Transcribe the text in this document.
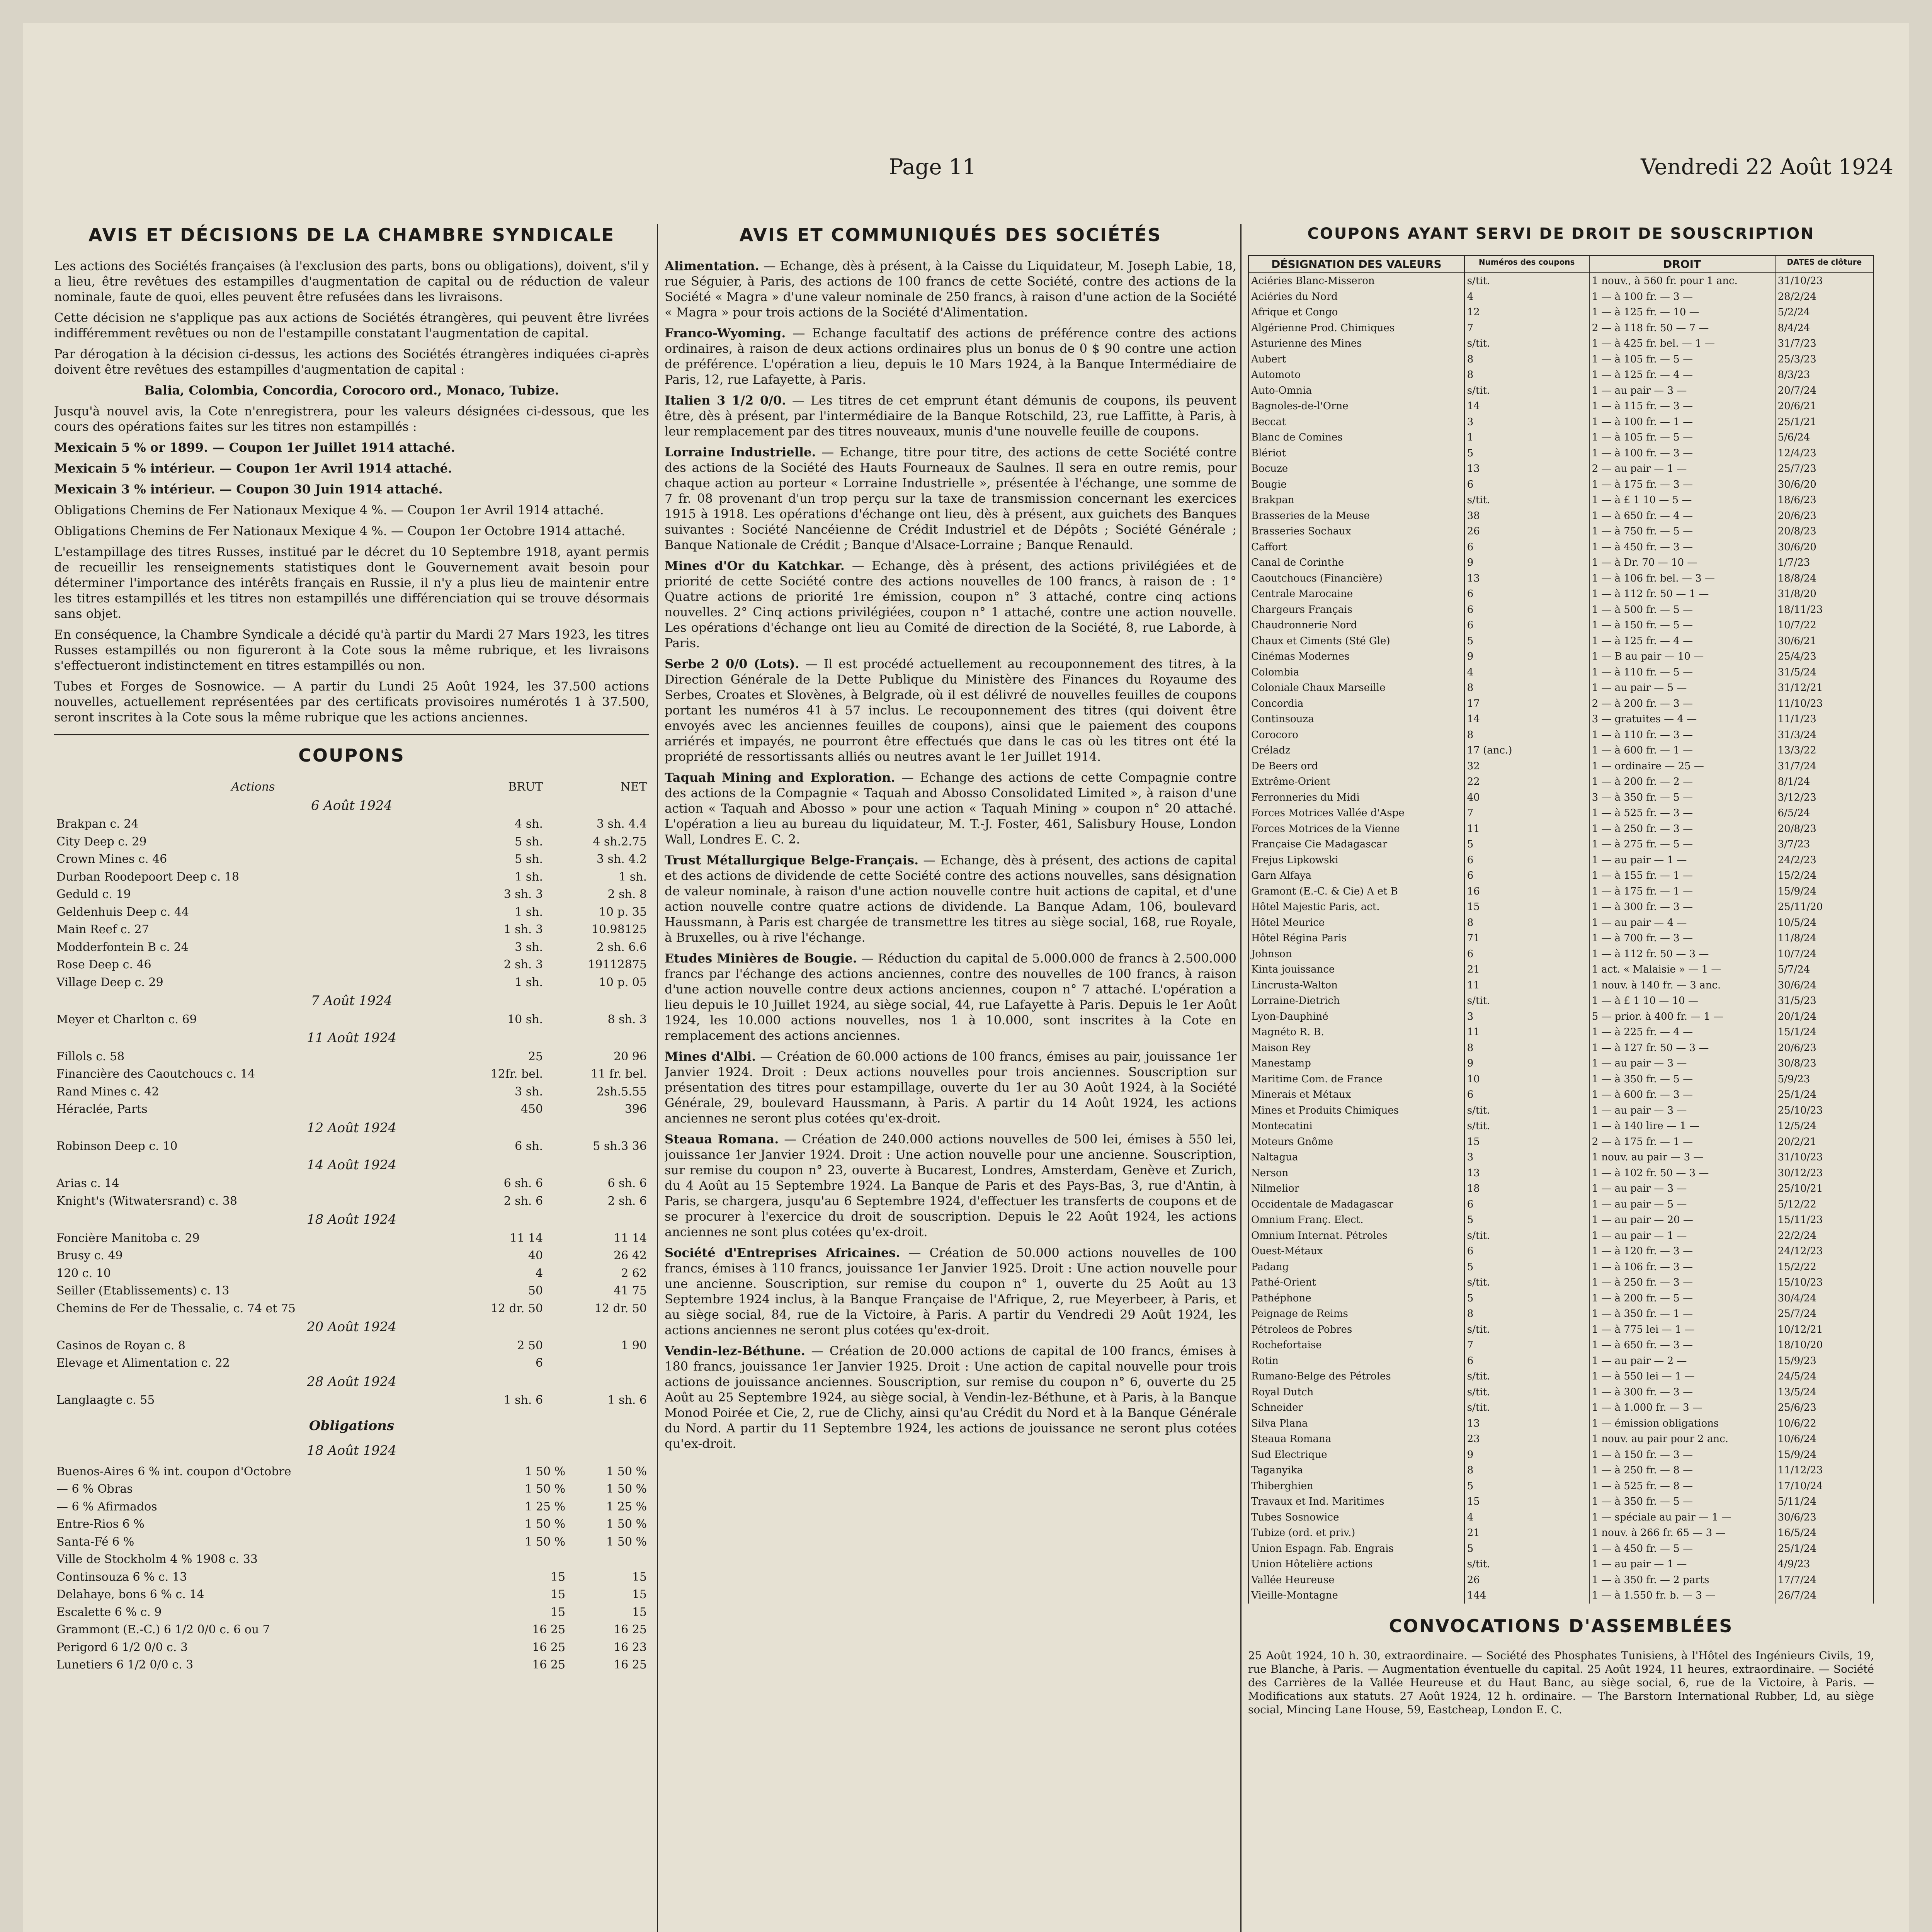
Page 11	Vendredi 22 Août 1924
AVIS ET DÉCISIONS DE LA CHAMBRE SYNDICALE

Les actions des Sociétés françaises (à l'exclusion des parts, bons ou obligations), doivent, s'il y a lieu, être revêtues des estampilles d'augmentation de capital ou de réduction de valeur nominale, faute de quoi, elles peuvent être refusées dans les livraisons.

Cette décision ne s'applique pas aux actions de Sociétés étrangères, qui peuvent être livrées indifféremment revêtues ou non de l'estampille constatant l'augmentation de capital.

Par dérogation à la décision ci-dessus, les actions des Sociétés étrangères indiquées ci-après doivent être revêtues des estampilles d'augmentation de capital :

Balia, Colombia, Concordia, Corocoro ord., Monaco, Tubize.

Jusqu'à nouvel avis, la Cote n'enregistrera, pour les valeurs désignées ci-dessous, que les cours des opérations faites sur les titres non estampillés :

Mexicain 5 % or 1899. — Coupon 1er Juillet 1914 attaché.

Mexicain 5 % intérieur. — Coupon 1er Avril 1914 attaché.

Mexicain 3 % intérieur. — Coupon 30 Juin 1914 attaché.

Obligations Chemins de Fer Nationaux Mexique 4 %. — Coupon 1er Avril 1914 attaché.

Obligations Chemins de Fer Nationaux Mexique 4 %. — Coupon 1er Octobre 1914 attaché.

L'estampillage des titres Russes, institué par le décret du 10 Septembre 1918, ayant permis de recueillir les renseignements statistiques dont le Gouvernement avait besoin pour déterminer l'importance des intérêts français en Russie, il n'y a plus lieu de maintenir entre les titres estampillés et les titres non estampillés une différenciation qui se trouve désormais sans objet.

En conséquence, la Chambre Syndicale a décidé qu'à partir du Mardi 27 Mars 1923, les titres Russes estampillés ou non figureront à la Cote sous la même rubrique, et les livraisons s'effectueront indistinctement en titres estampillés ou non.

Tubes et Forges de Sosnowice. — A partir du Lundi 25 Août 1924, les 37.500 actions nouvelles, actuellement représentées par des certificats provisoires numérotés 1 à 37.500, seront inscrites à la Cote sous la même rubrique que les actions anciennes.

COUPONS
Actions	BRUT	NET
6 Août 1924		
Brakpan c. 24	4 sh.	3 sh. 4.4
City Deep c. 29	5 sh.	4 sh.2.75
Crown Mines c. 46	5 sh.	3 sh. 4.2
Durban Roodepoort Deep c. 18	1 sh.	1 sh.
Geduld c. 19	3 sh. 3	2 sh. 8
Geldenhuis Deep c. 44	1 sh.	10 p. 35
Main Reef c. 27	1 sh. 3	10.98125
Modderfontein B c. 24	3 sh.	2 sh. 6.6
Rose Deep c. 46	2 sh. 3	19112875
Village Deep c. 29	1 sh.	10 p. 05
7 Août 1924		
Meyer et Charlton c. 69	10 sh.	8 sh. 3
11 Août 1924		
Fillols c. 58	25	20 96
Financière des Caoutchoucs c. 14	12fr. bel.	11 fr. bel.
Rand Mines c. 42	3 sh.	2sh.5.55
Héraclée, Parts	450	396
12 Août 1924		
Robinson Deep c. 10	6 sh.	5 sh.3 36
14 Août 1924		
Arias c. 14	6 sh. 6	6 sh. 6
Knight's (Witwatersrand) c. 38	2 sh. 6	2 sh. 6
18 Août 1924		
Foncière Manitoba c. 29	11 14	11 14
Brusy c. 49	40	26 42
120 c. 10	4	2 62
Seiller (Etablissements) c. 13	50	41 75
Chemins de Fer de Thessalie, c. 74 et 75	12 dr. 50	12 dr. 50
20 Août 1924		
Casinos de Royan c. 8	2 50	1 90
Elevage et Alimentation c. 22	6	
28 Août 1924		
Langlaagte c. 55	1 sh. 6	1 sh. 6
Obligations
18 Août 1924
Buenos-Aires 6 % int. coupon d'Octobre	1 50 %	1 50 %
— 6 % Obras	1 50 %	1 50 %
— 6 % Afirmados	1 25 %	1 25 %
Entre-Rios 6 %	1 50 %	1 50 %
Santa-Fé 6 %	1 50 %	1 50 %
Ville de Stockholm 4 % 1908 c. 33		
Continsouza 6 % c. 13	15	15
Delahaye, bons 6 % c. 14	15	15
Escalette 6 % c. 9	15	15
Grammont (E.-C.) 6 1/2 0/0 c. 6 ou 7	16 25	16 25
Perigord 6 1/2 0/0 c. 3	16 25	16 23
Lunetiers 6 1/2 0/0 c. 3	16 25	16 25
AVIS ET COMMUNIQUÉS DES SOCIÉTÉS

Alimentation. — Echange, dès à présent, à la Caisse du Liquidateur, M. Joseph Labie, 18, rue Séguier, à Paris, des actions de 100 francs de cette Société, contre des actions de la Société « Magra » d'une valeur nominale de 250 francs, à raison d'une action de la Société « Magra » pour trois actions de la Société d'Alimentation.

Franco-Wyoming. — Echange facultatif des actions de préférence contre des actions ordinaires, à raison de deux actions ordinaires plus un bonus de 0 $ 90 contre une action de préférence. L'opération a lieu, depuis le 10 Mars 1924, à la Banque Intermédiaire de Paris, 12, rue Lafayette, à Paris.

Italien 3 1/2 0/0. — Les titres de cet emprunt étant démunis de coupons, ils peuvent être, dès à présent, par l'intermédiaire de la Banque Rotschild, 23, rue Laffitte, à Paris, à leur remplacement par des titres nouveaux, munis d'une nouvelle feuille de coupons.

Lorraine Industrielle. — Echange, titre pour titre, des actions de cette Société contre des actions de la Société des Hauts Fourneaux de Saulnes. Il sera en outre remis, pour chaque action au porteur « Lorraine Industrielle », présentée à l'échange, une somme de 7 fr. 08 provenant d'un trop perçu sur la taxe de transmission concernant les exercices 1915 à 1918. Les opérations d'échange ont lieu, dès à présent, aux guichets des Banques suivantes : Société Nancéienne de Crédit Industriel et de Dépôts ; Société Générale ; Banque Nationale de Crédit ; Banque d'Alsace-Lorraine ; Banque Renauld.

Mines d'Or du Katchkar. — Echange, dès à présent, des actions privilégiées et de priorité de cette Société contre des actions nouvelles de 100 francs, à raison de : 1° Quatre actions de priorité 1re émission, coupon n° 3 attaché, contre cinq actions nouvelles. 2° Cinq actions privilégiées, coupon n° 1 attaché, contre une action nouvelle. Les opérations d'échange ont lieu au Comité de direction de la Société, 8, rue Laborde, à Paris.

Serbe 2 0/0 (Lots). — Il est procédé actuellement au recouponnement des titres, à la Direction Générale de la Dette Publique du Ministère des Finances du Royaume des Serbes, Croates et Slovènes, à Belgrade, où il est délivré de nouvelles feuilles de coupons portant les numéros 41 à 57 inclus. Le recouponnement des titres (qui doivent être envoyés avec les anciennes feuilles de coupons), ainsi que le paiement des coupons arriérés et impayés, ne pourront être effectués que dans le cas où les titres ont été la propriété de ressortissants alliés ou neutres avant le 1er Juillet 1914.

Taquah Mining and Exploration. — Echange des actions de cette Compagnie contre des actions de la Compagnie « Taquah and Abosso Consolidated Limited », à raison d'une action « Taquah and Abosso » pour une action « Taquah Mining » coupon n° 20 attaché. L'opération a lieu au bureau du liquidateur, M. T.-J. Foster, 461, Salisbury House, London Wall, Londres E. C. 2.

Trust Métallurgique Belge-Français. — Echange, dès à présent, des actions de capital et des actions de dividende de cette Société contre des actions nouvelles, sans désignation de valeur nominale, à raison d'une action nouvelle contre huit actions de capital, et d'une action nouvelle contre quatre actions de dividende. La Banque Adam, 106, boulevard Haussmann, à Paris est chargée de transmettre les titres au siège social, 168, rue Royale, à Bruxelles, ou à rive l'échange.

Etudes Minières de Bougie. — Réduction du capital de 5.000.000 de francs à 2.500.000 francs par l'échange des actions anciennes, contre des nouvelles de 100 francs, à raison d'une action nouvelle contre deux actions anciennes, coupon n° 7 attaché. L'opération a lieu depuis le 10 Juillet 1924, au siège social, 44, rue Lafayette à Paris. Depuis le 1er Août 1924, les 10.000 actions nouvelles, nos 1 à 10.000, sont inscrites à la Cote en remplacement des actions anciennes.

Mines d'Albi. — Création de 60.000 actions de 100 francs, émises au pair, jouissance 1er Janvier 1924. Droit : Deux actions nouvelles pour trois anciennes. Souscription sur présentation des titres pour estampillage, ouverte du 1er au 30 Août 1924, à la Société Générale, 29, boulevard Haussmann, à Paris. A partir du 14 Août 1924, les actions anciennes ne seront plus cotées qu'ex-droit.

Steaua Romana. — Création de 240.000 actions nouvelles de 500 lei, émises à 550 lei, jouissance 1er Janvier 1924. Droit : Une action nouvelle pour une ancienne. Souscription, sur remise du coupon n° 23, ouverte à Bucarest, Londres, Amsterdam, Genève et Zurich, du 4 Août au 15 Septembre 1924. La Banque de Paris et des Pays-Bas, 3, rue d'Antin, à Paris, se chargera, jusqu'au 6 Septembre 1924, d'effectuer les transferts de coupons et de se procurer à l'exercice du droit de souscription. Depuis le 22 Août 1924, les actions anciennes ne sont plus cotées qu'ex-droit.

Société d'Entreprises Africaines. — Création de 50.000 actions nouvelles de 100 francs, émises à 110 francs, jouissance 1er Janvier 1925. Droit : Une action nouvelle pour une ancienne. Souscription, sur remise du coupon n° 1, ouverte du 25 Août au 13 Septembre 1924 inclus, à la Banque Française de l'Afrique, 2, rue Meyerbeer, à Paris, et au siège social, 84, rue de la Victoire, à Paris. A partir du Vendredi 29 Août 1924, les actions anciennes ne seront plus cotées qu'ex-droit.

Vendin-lez-Béthune. — Création de 20.000 actions de capital de 100 francs, émises à 180 francs, jouissance 1er Janvier 1925. Droit : Une action de capital nouvelle pour trois actions de jouissance anciennes. Souscription, sur remise du coupon n° 6, ouverte du 25 Août au 25 Septembre 1924, au siège social, à Vendin-lez-Béthune, et à Paris, à la Banque Monod Poirée et Cie, 2, rue de Clichy, ainsi qu'au Crédit du Nord et à la Banque Générale du Nord. A partir du 11 Septembre 1924, les actions de jouissance ne seront plus cotées qu'ex-droit.

COUPONS AYANT SERVI DE DROIT DE SOUSCRIPTION
DÉSIGNATION DES VALEURS	Numéros des coupons	DROIT	DATES de clôture
Aciéries Blanc-Misseron	s/tit.	1 nouv., à 560 fr. pour 1 anc.	31/10/23
Aciéries du Nord	4	1 — à 100 fr. — 3 —	28/2/24
Afrique et Congo	12	1 — à 125 fr. — 10 —	5/2/24
Algérienne Prod. Chimiques	7	2 — à 118 fr. 50 — 7 —	8/4/24
Asturienne des Mines	s/tit.	1 — à 425 fr. bel. — 1 —	31/7/23
Aubert	8	1 — à 105 fr. — 5 —	25/3/23
Automoto	8	1 — à 125 fr. — 4 —	8/3/23
Auto-Omnia	s/tit.	1 — au pair — 3 —	20/7/24
Bagnoles-de-l'Orne	14	1 — à 115 fr. — 3 —	20/6/21
Beccat	3	1 — à 100 fr. — 1 —	25/1/21
Blanc de Comines	1	1 — à 105 fr. — 5 —	5/6/24
Blériot	5	1 — à 100 fr. — 3 —	12/4/23
Bocuze	13	2 — au pair — 1 —	25/7/23
Bougie	6	1 — à 175 fr. — 3 —	30/6/20
Brakpan	s/tit.	1 — à £ 1 10 — 5 —	18/6/23
Brasseries de la Meuse	38	1 — à 650 fr. — 4 —	20/6/23
Brasseries Sochaux	26	1 — à 750 fr. — 5 —	20/8/23
Caffort	6	1 — à 450 fr. — 3 —	30/6/20
Canal de Corinthe	9	1 — à Dr. 70 — 10 —	1/7/23
Caoutchoucs (Financière)	13	1 — à 106 fr. bel. — 3 —	18/8/24
Centrale Marocaine	6	1 — à 112 fr. 50 — 1 —	31/8/20
Chargeurs Français	6	1 — à 500 fr. — 5 —	18/11/23
Chaudronnerie Nord	6	1 — à 150 fr. — 5 —	10/7/22
Chaux et Ciments (Sté Gle)	5	1 — à 125 fr. — 4 —	30/6/21
Cinémas Modernes	9	1 — B au pair — 10 —	25/4/23
Colombia	4	1 — à 110 fr. — 5 —	31/5/24
Coloniale Chaux Marseille	8	1 — au pair — 5 —	31/12/21
Concordia	17	2 — à 200 fr. — 3 —	11/10/23
Continsouza	14	3 — gratuites — 4 —	11/1/23
Corocoro	8	1 — à 110 fr. — 3 —	31/3/24
Créladz	17 (anc.)	1 — à 600 fr. — 1 —	13/3/22
De Beers ord	32	1 — ordinaire — 25 —	31/7/24
Extrême-Orient	22	1 — à 200 fr. — 2 —	8/1/24
Ferronneries du Midi	40	3 — à 350 fr. — 5 —	3/12/23
Forces Motrices Vallée d'Aspe	7	1 — à 525 fr. — 3 —	6/5/24
Forces Motrices de la Vienne	11	1 — à 250 fr. — 3 —	20/8/23
Française Cie Madagascar	5	1 — à 275 fr. — 5 —	3/7/23
Frejus Lipkowski	6	1 — au pair — 1 —	24/2/23
Garn Alfaya	6	1 — à 155 fr. — 1 —	15/2/24
Gramont (E.-C. & Cie) A et B	16	1 — à 175 fr. — 1 —	15/9/24
Hôtel Majestic Paris, act.	15	1 — à 300 fr. — 3 —	25/11/20
Hôtel Meurice	8	1 — au pair — 4 —	10/5/24
Hôtel Régina Paris	71	1 — à 700 fr. — 3 —	11/8/24
Johnson	6	1 — à 112 fr. 50 — 3 —	10/7/24
Kinta jouissance	21	1 act. « Malaisie » — 1 —	5/7/24
Lincrusta-Walton	11	1 nouv. à 140 fr. — 3 anc.	30/6/24
Lorraine-Dietrich	s/tit.	1 — à £ 1 10 — 10 —	31/5/23
Lyon-Dauphiné	3	5 — prior. à 400 fr. — 1 —	20/1/24
Magnéto R. B.	11	1 — à 225 fr. — 4 —	15/1/24
Maison Rey	8	1 — à 127 fr. 50 — 3 —	20/6/23
Manestamp	9	1 — au pair — 3 —	30/8/23
Maritime Com. de France	10	1 — à 350 fr. — 5 —	5/9/23
Minerais et Métaux	6	1 — à 600 fr. — 3 —	25/1/24
Mines et Produits Chimiques	s/tit.	1 — au pair — 3 —	25/10/23
Montecatini	s/tit.	1 — à 140 lire — 1 —	12/5/24
Moteurs Gnôme	15	2 — à 175 fr. — 1 —	20/2/21
Naltagua	3	1 nouv. au pair — 3 —	31/10/23
Nerson	13	1 — à 102 fr. 50 — 3 —	30/12/23
Nilmelior	18	1 — au pair — 3 —	25/10/21
Occidentale de Madagascar	6	1 — au pair — 5 —	5/12/22
Omnium Franç. Elect.	5	1 — au pair — 20 —	15/11/23
Omnium Internat. Pétroles	s/tit.	1 — au pair — 1 —	22/2/24
Ouest-Métaux	6	1 — à 120 fr. — 3 —	24/12/23
Padang	5	1 — à 106 fr. — 3 —	15/2/22
Pathé-Orient	s/tit.	1 — à 250 fr. — 3 —	15/10/23
Pathéphone	5	1 — à 200 fr. — 5 —	30/4/24
Peignage de Reims	8	1 — à 350 fr. — 1 —	25/7/24
Pétroleos de Pobres	s/tit.	1 — à 775 lei — 1 —	10/12/21
Rochefortaise	7	1 — à 650 fr. — 3 —	18/10/20
Rotin	6	1 — au pair — 2 —	15/9/23
Rumano-Belge des Pétroles	s/tit.	1 — à 550 lei — 1 —	24/5/24
Royal Dutch	s/tit.	1 — à 300 fr. — 3 —	13/5/24
Schneider	s/tit.	1 — à 1.000 fr. — 3 —	25/6/23
Silva Plana	13	1 — émission obligations	10/6/22
Steaua Romana	23	1 nouv. au pair pour 2 anc.	10/6/24
Sud Electrique	9	1 — à 150 fr. — 3 —	15/9/24
Taganyika	8	1 — à 250 fr. — 8 —	11/12/23
Thiberghien	5	1 — à 525 fr. — 8 —	17/10/24
Travaux et Ind. Maritimes	15	1 — à 350 fr. — 5 —	5/11/24
Tubes Sosnowice	4	1 — spéciale au pair — 1 —	30/6/23
Tubize (ord. et priv.)	21	1 nouv. à 266 fr. 65 — 3 —	16/5/24
Union Espagn. Fab. Engrais	5	1 — à 450 fr. — 5 —	25/1/24
Union Hôtelière actions	s/tit.	1 — au pair — 1 —	4/9/23
Vallée Heureuse	26	1 — à 350 fr. — 2 parts	17/7/24
Vieille-Montagne	144	1 — à 1.550 fr. b. — 3 —	26/7/24
CONVOCATIONS D'ASSEMBLÉES

25 Août 1924, 10 h. 30, extraordinaire. — Société des Phosphates Tunisiens, à l'Hôtel des Ingénieurs Civils, 19, rue Blanche, à Paris. — Augmentation éventuelle du capital. 25 Août 1924, 11 heures, extraordinaire. — Société des Carrières de la Vallée Heureuse et du Haut Banc, au siège social, 6, rue de la Victoire, à Paris. — Modifications aux statuts. 27 Août 1924, 12 h. ordinaire. — The Barstorn International Rubber, Ld, au siège social, Mincing Lane House, 59, Eastcheap, London E. C.
